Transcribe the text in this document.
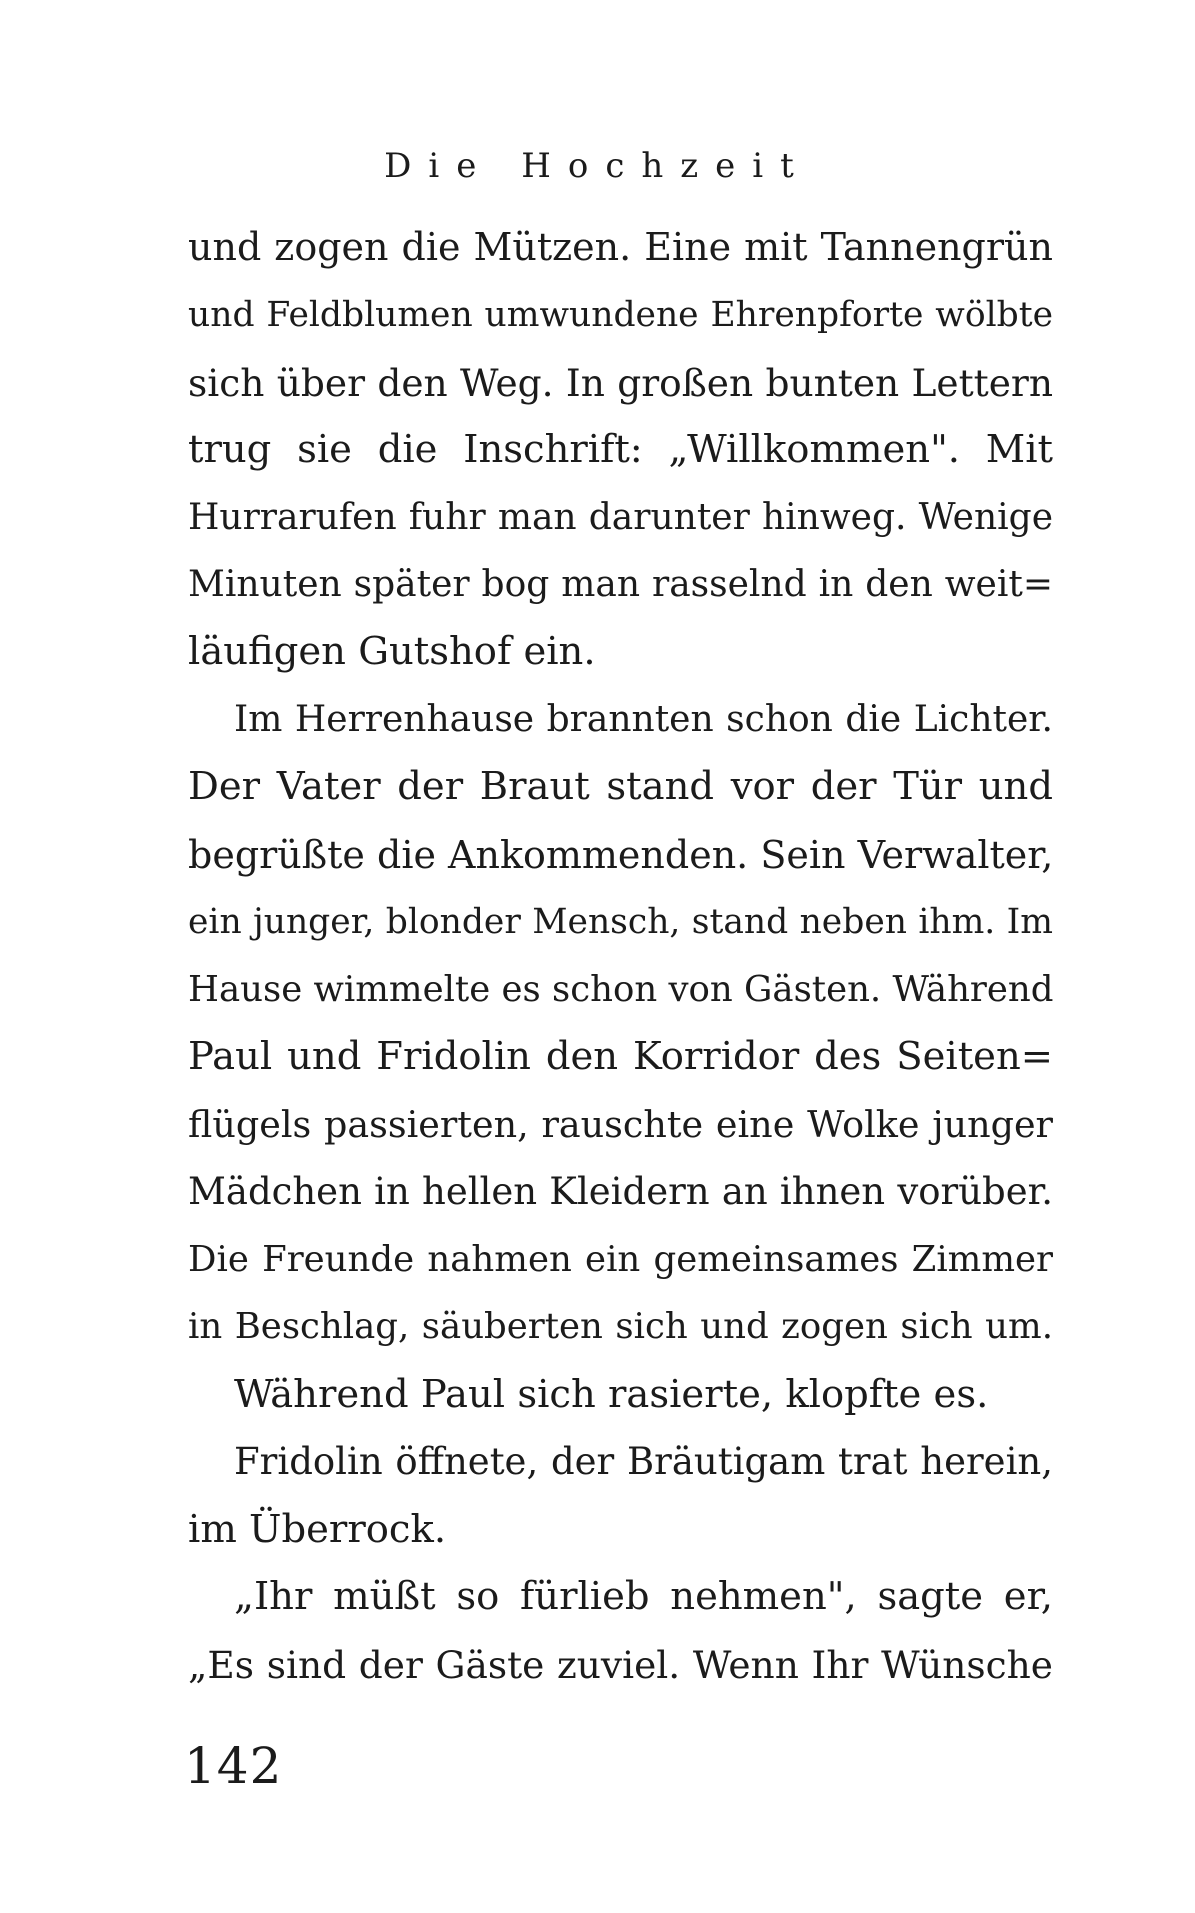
Die Hochzeit
und zogen die Mützen. Eine mit Tannengrün
und Feldblumen umwundene Ehrenpforte wölbte
sich über den Weg. In großen bunten Lettern
trug sie die Inschrift: „Willkommen". Mit
Hurrarufen fuhr man darunter hinweg. Wenige
Minuten später bog man rasselnd in den weit=
läufigen Gutshof ein.
Im Herrenhause brannten schon die Lichter.
Der Vater der Braut stand vor der Tür und
begrüßte die Ankommenden. Sein Verwalter,
ein junger, blonder Mensch, stand neben ihm. Im
Hause wimmelte es schon von Gästen. Während
Paul und Fridolin den Korridor des Seiten=
flügels passierten, rauschte eine Wolke junger
Mädchen in hellen Kleidern an ihnen vorüber.
Die Freunde nahmen ein gemeinsames Zimmer
in Beschlag, säuberten sich und zogen sich um.
Während Paul sich rasierte, klopfte es.
Fridolin öffnete, der Bräutigam trat herein,
im Überrock.
„Ihr müßt so fürlieb nehmen", sagte er,
„Es sind der Gäste zuviel. Wenn Ihr Wünsche
142
